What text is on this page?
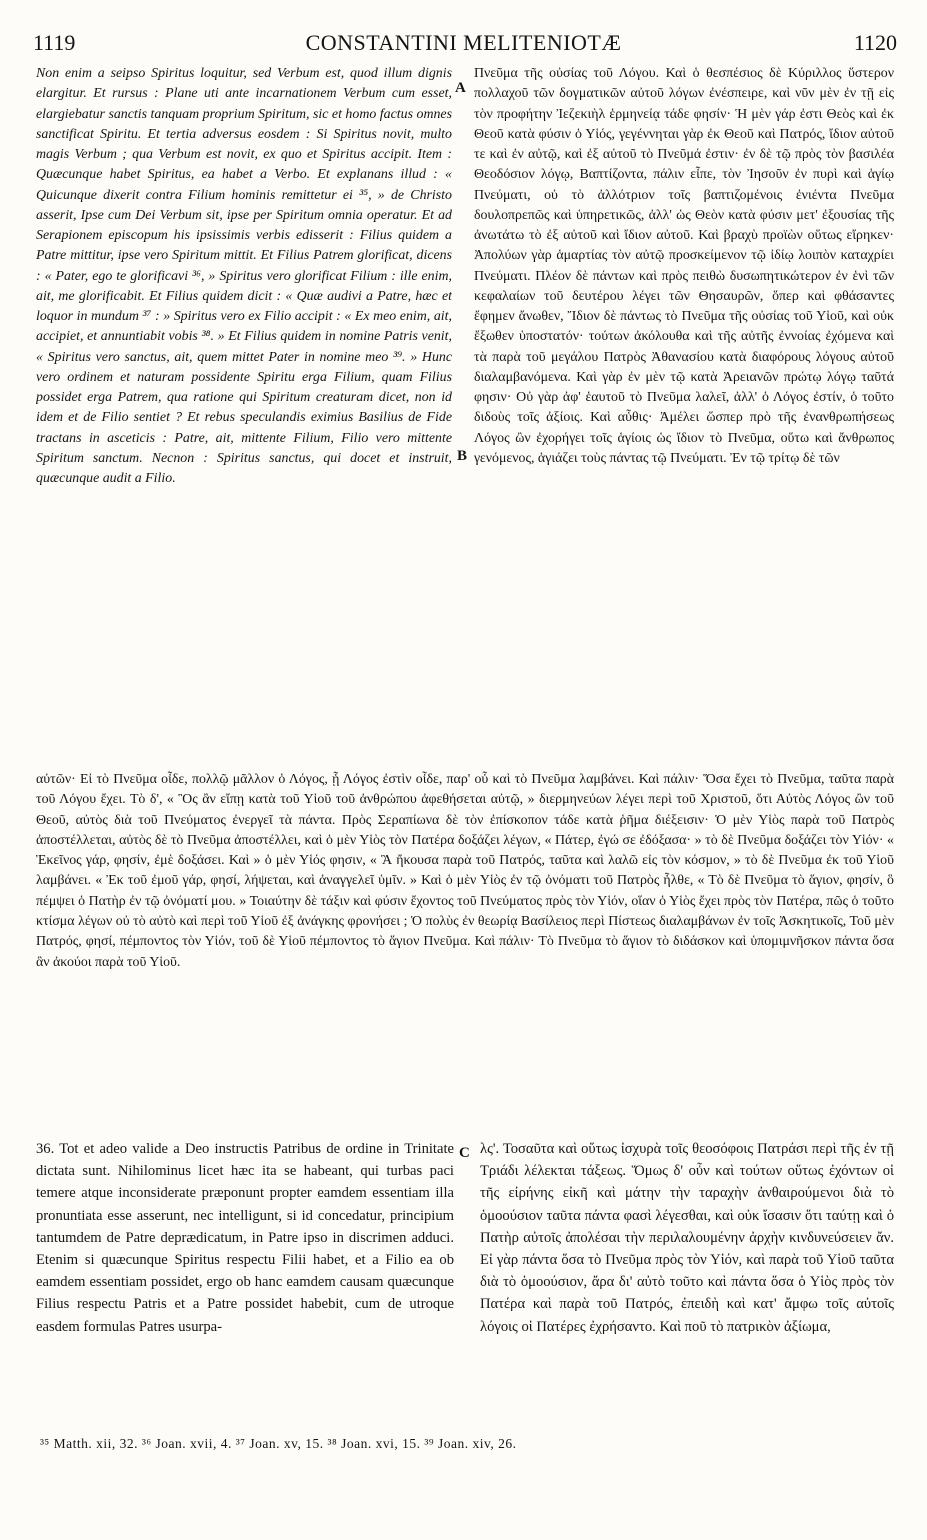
1119	CONSTANTINI MELITENIOTÆ	1120

Non enim a seipso Spiritus loquitur, sed Verbum est, quod illum dignis elargitur. Et rursus : Plane uti ante incarnationem Verbum cum esset, elargiebatur sanctis tanquam proprium Spiritum, sic et homo factus omnes sanctificat Spiritu. Et tertia adversus eosdem : Si Spiritus novit, multo magis Verbum ; qua Verbum est novit, ex quo et Spiritus accipit. Item : Quæcunque habet Spiritus, ea habet a Verbo. Et explanans illud : « Quicunque dixerit contra Filium hominis remittetur ei ³⁵, » de Christo asserit, Ipse cum Dei Verbum sit, ipse per Spiritum omnia operatur. Et ad Serapionem episcopum his ipsissimis verbis edisserit : Filius quidem a Patre mittitur, ipse vero Spiritum mittit. Et Filius Patrem glorificat, dicens : « Pater, ego te glorificavi ³⁶, » Spiritus vero glorificat Filium : ille enim, ait, me glorificabit. Et Filius quidem dicit : « Quæ audivi a Patre, hæc et loquor in mundum ³⁷ : » Spiritus vero ex Filio accipit : « Ex meo enim, ait, accipiet, et annuntiabit vobis ³⁸. » Et Filius quidem in nomine Patris venit, « Spiritus vero sanctus, ait, quem mittet Pater in nomine meo ³⁹. » Hunc vero ordinem et naturam possidente Spiritu erga Filium, quam Filius possidet erga Patrem, qua ratione qui Spiritum creaturam dicet, non id idem et de Filio sentiet ? Et rebus speculandis eximius Basilius de Fide tractans in asceticis : Patre, ait, mittente Filium, Filio vero mittente Spiritum sanctum. Necnon : Spiritus sanctus, qui docet et instruit, quæcunque audit a Filio.

A
B

Πνεῦμα τῆς οὐσίας τοῦ Λόγου. Καὶ ὁ θεσπέσιος δὲ Κύριλλος ὕστερον πολλαχοῦ τῶν δογματικῶν αὐτοῦ λόγων ἐνέσπειρε, καὶ νῦν μὲν ἐν τῇ εἰς τὸν προφήτην Ἰεζεκιὴλ ἑρμηνείᾳ τάδε φησίν· Ἡ μὲν γάρ ἐστι Θεὸς καὶ ἐκ Θεοῦ κατὰ φύσιν ὁ Υἱός, γεγέννηται γὰρ ἐκ Θεοῦ καὶ Πατρός, ἴδιον αὐτοῦ τε καὶ ἐν αὐτῷ, καὶ ἐξ αὐτοῦ τὸ Πνεῦμά ἐστιν· ἐν δὲ τῷ πρὸς τὸν βασιλέα Θεοδόσιον λόγῳ, Βαπτίζοντα, πάλιν εἶπε, τὸν Ἰησοῦν ἐν πυρὶ καὶ ἁγίῳ Πνεύματι, οὐ τὸ ἀλλότριον τοῖς βαπτιζομένοις ἐνιέντα Πνεῦμα δουλοπρεπῶς καὶ ὑπηρετικῶς, ἀλλ' ὡς Θεὸν κατὰ φύσιν μετ' ἐξουσίας τῆς ἀνωτάτω τὸ ἐξ αὐτοῦ καὶ ἴδιον αὐτοῦ. Καὶ βραχὺ προϊὼν οὕτως εἴρηκεν· Ἀπολύων γὰρ ἁμαρτίας τὸν αὐτῷ προσκείμενον τῷ ἰδίῳ λοιπὸν καταχρίει Πνεύματι. Πλέον δὲ πάντων καὶ πρὸς πειθὼ δυσωπητικώτερον ἐν ἑνὶ τῶν κεφαλαίων τοῦ δευτέρου λέγει τῶν Θησαυρῶν, ὅπερ καὶ φθάσαντες ἔφημεν ἄνωθεν, Ἴδιον δὲ πάντως τὸ Πνεῦμα τῆς οὐσίας τοῦ Υἱοῦ, καὶ οὐκ ἔξωθεν ὑποστατόν· τούτων ἀκόλουθα καὶ τῆς αὐτῆς ἐννοίας ἐχόμενα καὶ τὰ παρὰ τοῦ μεγάλου Πατρὸς Ἀθανασίου κατὰ διαφόρους λόγους αὐτοῦ διαλαμβανόμενα. Καὶ γὰρ ἐν μὲν τῷ κατὰ Ἀρειανῶν πρώτῳ λόγῳ ταῦτά φησιν· Οὐ γὰρ ἀφ' ἑαυτοῦ τὸ Πνεῦμα λαλεῖ, ἀλλ' ὁ Λόγος ἐστίν, ὁ τοῦτο διδοὺς τοῖς ἀξίοις. Καὶ αὖθις· Ἀμέλει ὥσπερ πρὸ τῆς ἐνανθρωπήσεως Λόγος ὢν ἐχορήγει τοῖς ἁγίοις ὡς ἴδιον τὸ Πνεῦμα, οὕτω καὶ ἄνθρωπος γενόμενος, ἁγιάζει τοὺς πάντας τῷ Πνεύματι. Ἐν τῷ τρίτῳ δὲ τῶν

αὐτῶν· Εἰ τὸ Πνεῦμα οἶδε, πολλῷ μᾶλλον ὁ Λόγος, ᾗ Λόγος ἐστὶν οἶδε, παρ' οὗ καὶ τὸ Πνεῦμα λαμβάνει. Καὶ πάλιν· Ὅσα ἔχει τὸ Πνεῦμα, ταῦτα παρὰ τοῦ Λόγου ἔχει. Τὸ δ', « Ὃς ἂν εἴπῃ κατὰ τοῦ Υἱοῦ τοῦ ἀνθρώπου ἀφεθήσεται αὐτῷ, » διερμηνεύων λέγει περὶ τοῦ Χριστοῦ, ὅτι Αὐτὸς Λόγος ὢν τοῦ Θεοῦ, αὐτὸς διὰ τοῦ Πνεύματος ἐνεργεῖ τὰ πάντα. Πρὸς Σεραπίωνα δὲ τὸν ἐπίσκοπον τάδε κατὰ ῥῆμα διέξεισιν· Ὁ μὲν Υἱὸς παρὰ τοῦ Πατρὸς ἀποστέλλεται, αὐτὸς δὲ τὸ Πνεῦμα ἀποστέλλει, καὶ ὁ μὲν Υἱὸς τὸν Πατέρα δοξάζει λέγων, « Πάτερ, ἐγώ σε ἐδόξασα· » τὸ δὲ Πνεῦμα δοξάζει τὸν Υἱόν· « Ἐκεῖνος γάρ, φησίν, ἐμὲ δοξάσει. Καὶ » ὁ μὲν Υἱός φησιν, « Ἃ ἤκουσα παρὰ τοῦ Πατρός, ταῦτα καὶ λαλῶ εἰς τὸν κόσμον, » τὸ δὲ Πνεῦμα ἐκ τοῦ Υἱοῦ λαμβάνει. « Ἐκ τοῦ ἐμοῦ γάρ, φησί, λήψεται, καὶ ἀναγγελεῖ ὑμῖν. » Καὶ ὁ μὲν Υἱὸς ἐν τῷ ὀνόματι τοῦ Πατρὸς ἦλθε, « Τὸ δὲ Πνεῦμα τὸ ἅγιον, φησίν, ὃ πέμψει ὁ Πατὴρ ἐν τῷ ὀνόματί μου. » Τοιαύτην δὲ τάξιν καὶ φύσιν ἔχοντος τοῦ Πνεύματος πρὸς τὸν Υἱόν, οἵαν ὁ Υἱὸς ἔχει πρὸς τὸν Πατέρα, πῶς ὁ τοῦτο κτίσμα λέγων οὐ τὸ αὐτὸ καὶ περὶ τοῦ Υἱοῦ ἐξ ἀνάγκης φρονήσει ; Ὁ πολὺς ἐν θεωρίᾳ Βασίλειος περὶ Πίστεως διαλαμβάνων ἐν τοῖς Ἀσκητικοῖς, Τοῦ μὲν Πατρός, φησί, πέμποντος τὸν Υἱόν, τοῦ δὲ Υἱοῦ πέμποντος τὸ ἅγιον Πνεῦμα. Καὶ πάλιν· Τὸ Πνεῦμα τὸ ἅγιον τὸ διδάσκον καὶ ὑπομιμνῆσκον πάντα ὅσα ἂν ἀκούοι παρὰ τοῦ Υἱοῦ.

36. Tot et adeo valide a Deo instructis Patribus de ordine in Trinitate dictata sunt. Nihilominus licet hæc ita se habeant, qui turbas paci temere atque inconsiderate præponunt propter eamdem essentiam illa pronuntiata esse asserunt, nec intelligunt, si id concedatur, principium tantumdem de Patre deprædicatum, in Patre ipso in discrimen adduci. Etenim si quæcunque Spiritus respectu Filii habet, et a Filio ea ob eamdem essentiam possidet, ergo ob hanc eamdem causam quæcunque Filius respectu Patris et a Patre possidet habebit, cum de utroque easdem formulas Patres usurpa-

C λς'. Τοσαῦτα καὶ οὕτως ἰσχυρὰ τοῖς θεοσόφοις Πατράσι περὶ τῆς ἐν τῇ Τριάδι λέλεκται τάξεως. Ὅμως δ' οὖν καὶ τούτων οὕτως ἐχόντων οἱ τῆς εἰρήνης εἰκῆ καὶ μάτην τὴν ταραχὴν ἀνθαιρούμενοι διὰ τὸ ὁμοούσιον ταῦτα πάντα φασὶ λέγεσθαι, καὶ οὐκ ἴσασιν ὅτι ταύτῃ καὶ ὁ Πατὴρ αὐτοῖς ἀπολέσαι τὴν περιλαλουμένην ἀρχὴν κινδυνεύσειεν ἄν. Εἰ γὰρ πάντα ὅσα τὸ Πνεῦμα πρὸς τὸν Υἱόν, καὶ παρὰ τοῦ Υἱοῦ ταῦτα διὰ τὸ ὁμοούσιον, ἄρα δι' αὐτὸ τοῦτο καὶ πάντα ὅσα ὁ Υἱὸς πρὸς τὸν Πατέρα καὶ παρὰ τοῦ Πατρός, ἐπειδὴ καὶ κατ' ἄμφω τοῖς αὐτοῖς λόγοις οἱ Πατέρες ἐχρήσαντο. Καὶ ποῦ τὸ πατρικὸν ἀξίωμα,

³⁵ Matth. xii, 32. ³⁶ Joan. xvii, 4. ³⁷ Joan. xv, 15. ³⁸ Joan. xvi, 15. ³⁹ Joan. xiv, 26.
